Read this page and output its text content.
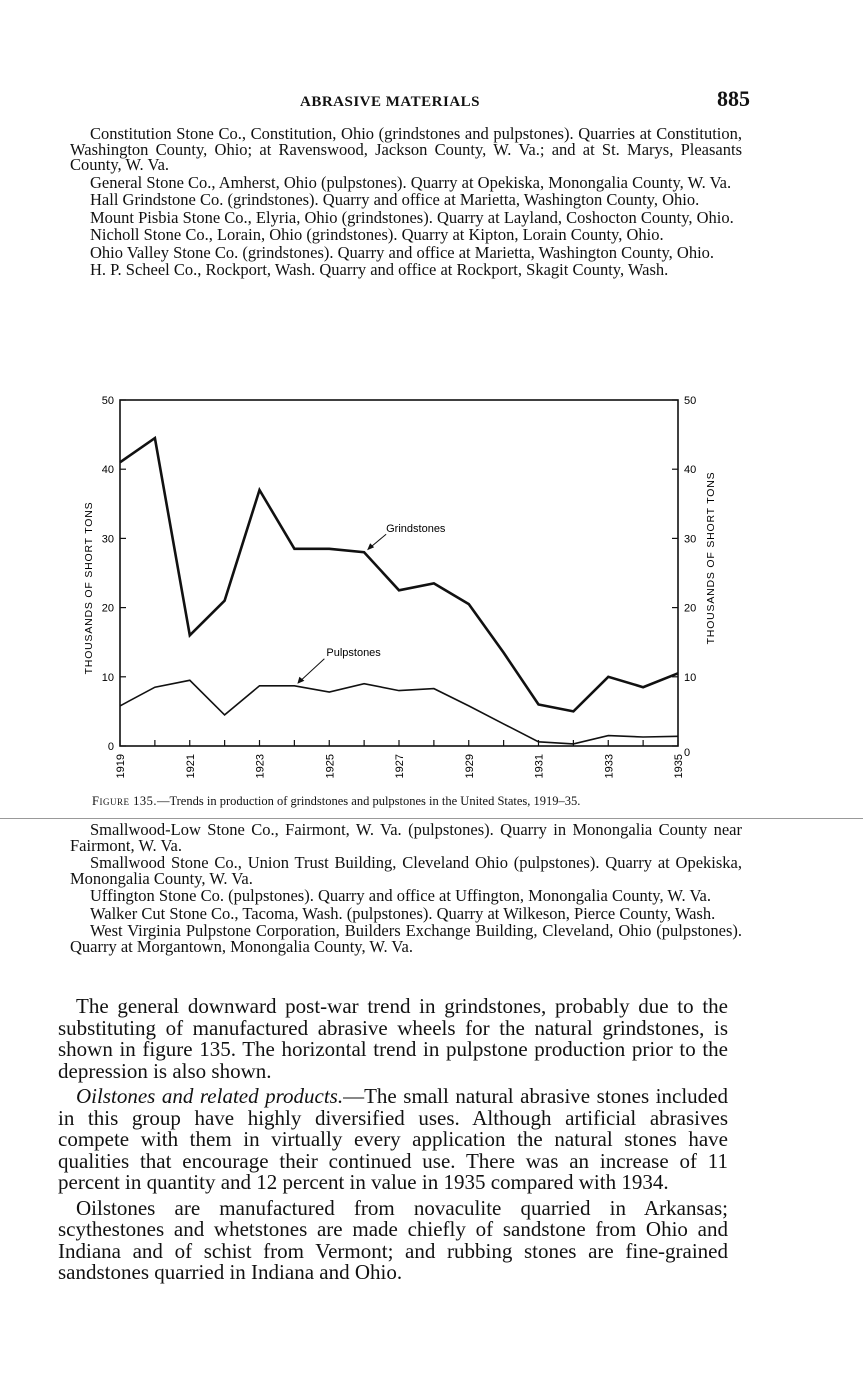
ABRASIVE MATERIALS	885

Constitution Stone Co., Constitution, Ohio (grindstones and pulpstones). Quarries at Constitution, Washington County, Ohio; at Ravenswood, Jackson County, W. Va.; and at St. Marys, Pleasants County, W. Va.

General Stone Co., Amherst, Ohio (pulpstones). Quarry at Opekiska, Monongalia County, W. Va.

Hall Grindstone Co. (grindstones). Quarry and office at Marietta, Washington County, Ohio.

Mount Pisbia Stone Co., Elyria, Ohio (grindstones). Quarry at Layland, Coshocton County, Ohio.

Nicholl Stone Co., Lorain, Ohio (grindstones). Quarry at Kipton, Lorain County, Ohio.

Ohio Valley Stone Co. (grindstones). Quarry and office at Marietta, Washington County, Ohio.

H. P. Scheel Co., Rockport, Wash. Quarry and office at Rockport, Skagit County, Wash.

0	0
10	10
20	20
30	30
40	40
50	50
1919	1921	1923	1925	1927	1929	1931	1933	1935
THOUSANDS OF SHORT TONS	THOUSANDS OF SHORT TONS
Grindstones
Pulpstones
Figure 135.—Trends in production of grindstones and pulpstones in the United States, 1919–35.

Smallwood-Low Stone Co., Fairmont, W. Va. (pulpstones). Quarry in Monongalia County near Fairmont, W. Va.

Smallwood Stone Co., Union Trust Building, Cleveland Ohio (pulpstones). Quarry at Opekiska, Monongalia County, W. Va.

Uffington Stone Co. (pulpstones). Quarry and office at Uffington, Monongalia County, W. Va.

Walker Cut Stone Co., Tacoma, Wash. (pulpstones). Quarry at Wilkeson, Pierce County, Wash.

West Virginia Pulpstone Corporation, Builders Exchange Building, Cleveland, Ohio (pulpstones). Quarry at Morgantown, Monongalia County, W. Va.

The general downward post-war trend in grindstones, probably due to the substituting of manufactured abrasive wheels for the natural grindstones, is shown in figure 135. The horizontal trend in pulpstone production prior to the depression is also shown.

Oilstones and related products.—The small natural abrasive stones included in this group have highly diversified uses. Although artificial abrasives compete with them in virtually every application the natural stones have qualities that encourage their continued use. There was an increase of 11 percent in quantity and 12 percent in value in 1935 compared with 1934.

Oilstones are manufactured from novaculite quarried in Arkansas; scythestones and whetstones are made chiefly of sandstone from Ohio and Indiana and of schist from Vermont; and rubbing stones are fine-grained sandstones quarried in Indiana and Ohio.
